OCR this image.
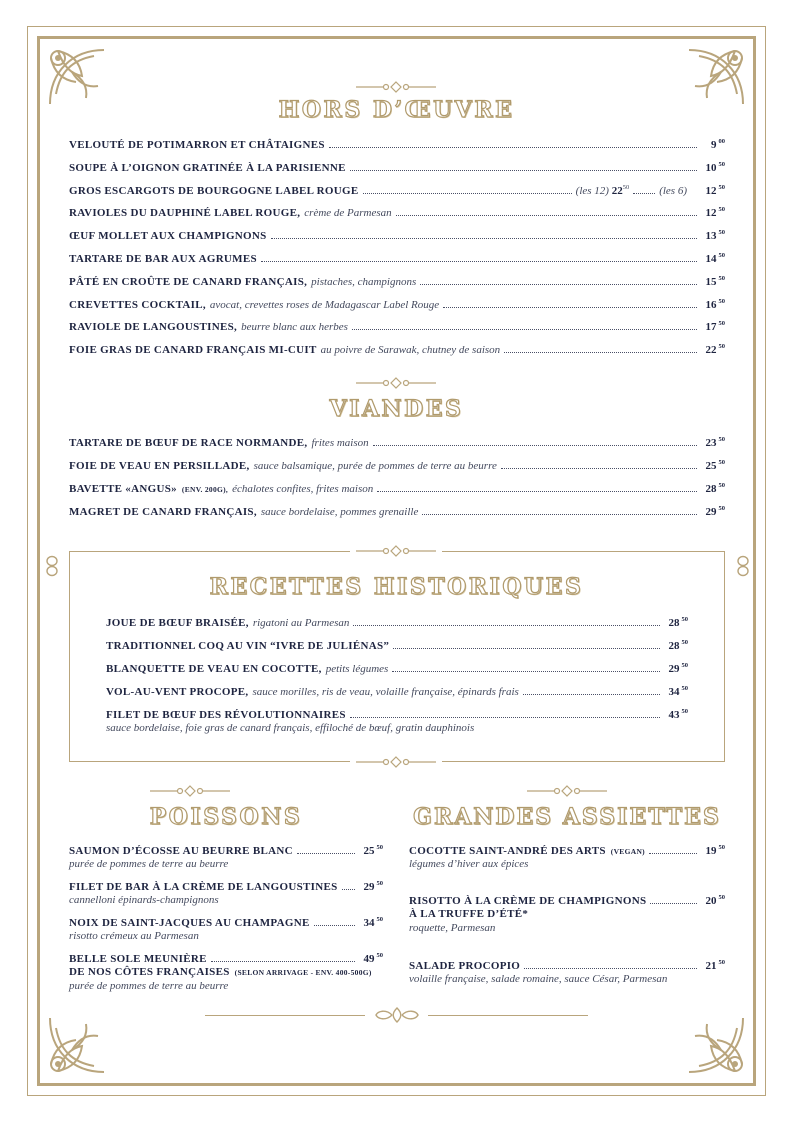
HORS D’ŒUVRE
VELOUTÉ DE POTIMARRON ET CHÂTAIGNES	9 $^{00}$
SOUPE À L’OIGNON GRATINÉE À LA PARISIENNE	10 $^{50}$
GROS ESCARGOTS DE BOURGOGNE LABEL ROUGE	(les 12) $22^{50}$	(les 6)	12 $^{50}$
RAVIOLES DU DAUPHINÉ LABEL ROUGE, crème de Parmesan	12 $^{50}$
ŒUF MOLLET AUX CHAMPIGNONS	13 $^{50}$
TARTARE DE BAR AUX AGRUMES	14 $^{50}$
PÂTÉ EN CROÛTE DE CANARD FRANÇAIS, pistaches, champignons	15 $^{50}$
CREVETTES COCKTAIL, avocat, crevettes roses de Madagascar Label Rouge	16 $^{50}$
RAVIOLE DE LANGOUSTINES, beurre blanc aux herbes	17 $^{50}$
FOIE GRAS DE CANARD FRANÇAIS MI-CUIT au poivre de Sarawak, chutney de saison	22 $^{50}$
VIANDES
TARTARE DE BŒUF DE RACE NORMANDE, frites maison	23 $^{50}$
FOIE DE VEAU EN PERSILLADE, sauce balsamique, purée de pommes de terre au beurre	25 $^{50}$
BAVETTE «ANGUS» (ENV. 200G), échalotes confites, frites maison	28 $^{50}$
MAGRET DE CANARD FRANÇAIS, sauce bordelaise, pommes grenaille	29 $^{50}$
RECETTES HISTORIQUES
JOUE DE BŒUF BRAISÉE, rigatoni au Parmesan	28 $^{50}$
TRADITIONNEL COQ AU VIN “IVRE DE JULIÉNAS”	28 $^{50}$
BLANQUETTE DE VEAU EN COCOTTE, petits légumes	29 $^{50}$
VOL-AU-VENT PROCOPE, sauce morilles, ris de veau, volaille française, épinards frais	34 $^{50}$
FILET DE BŒUF DES RÉVOLUTIONNAIRES	43 $^{50}$
sauce bordelaise, foie gras de canard français, effiloché de bœuf, gratin dauphinois
POISSONS
SAUMON D’ÉCOSSE AU BEURRE BLANC	25 $^{50}$
purée de pommes de terre au beurre
FILET DE BAR À LA CRÈME DE LANGOUSTINES	29 $^{50}$
cannelloni épinards-champignons
NOIX DE SAINT-JACQUES AU CHAMPAGNE	34 $^{50}$
risotto crémeux au Parmesan
BELLE SOLE MEUNIÈRE	49 $^{50}$
DE NOS CÔTES FRANÇAISES (SELON ARRIVAGE - ENV. 400-500G)
purée de pommes de terre au beurre
GRANDES ASSIETTES
COCOTTE SAINT-ANDRÉ DES ARTS (VEGAN)	19 $^{50}$
légumes d’hiver aux épices
RISOTTO À LA CRÈME DE CHAMPIGNONS	20 $^{50}$
À LA TRUFFE D’ÉTÉ*
roquette, Parmesan
SALADE PROCOPIO	21 $^{50}$
volaille française, salade romaine, sauce César, Parmesan
